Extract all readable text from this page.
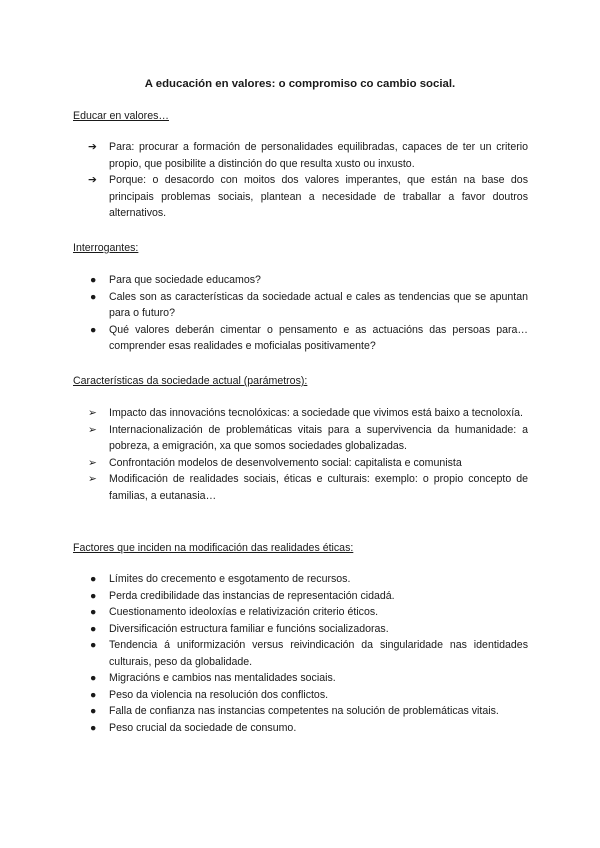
A educación en valores: o compromiso co cambio social.
Educar en valores…
➔	Para: procurar a formación de personalidades equilibradas, capaces de ter un criterio propio, que posibilite a distinción do que resulta xusto ou inxusto.
➔	Porque: o desacordo con moitos dos valores imperantes, que están na base dos principais problemas sociais, plantean a necesidade de traballar a favor doutros alternativos.
Interrogantes:
●	Para que sociedade educamos?
●	Cales son as características da sociedade actual e cales as tendencias que se apuntan para o futuro?
●	Qué valores deberán cimentar o pensamento e as actuacións das persoas para… comprender esas realidades e moficialas positivamente?
Características da sociedade actual (parámetros):
➢	Impacto das innovacións tecnolóxicas: a sociedade que vivimos está baixo a tecnoloxía.
➢	Internacionalización de problemáticas vitais para a supervivencia da humanidade: a pobreza, a emigración, xa que somos sociedades globalizadas.
➢	Confrontación modelos de desenvolvemento social: capitalista e comunista
➢	Modificación de realidades sociais, éticas e culturais: exemplo: o propio concepto de familias, a eutanasia…
Factores que inciden na modificación das realidades éticas:
●	Límites do crecemento e esgotamento de recursos.
●	Perda credibilidade das instancias de representación cidadá.
●	Cuestionamento ideoloxías e relativización criterio éticos.
●	Diversificación estructura familiar e funcións socializadoras.
●	Tendencia á uniformización versus reivindicación da singularidade nas identidades culturais, peso da globalidade.
●	Migracións e cambios nas mentalidades sociais.
●	Peso da violencia na resolución dos conflictos.
●	Falla de confianza nas instancias competentes na solución de problemáticas vitais.
●	Peso crucial da sociedade de consumo.
